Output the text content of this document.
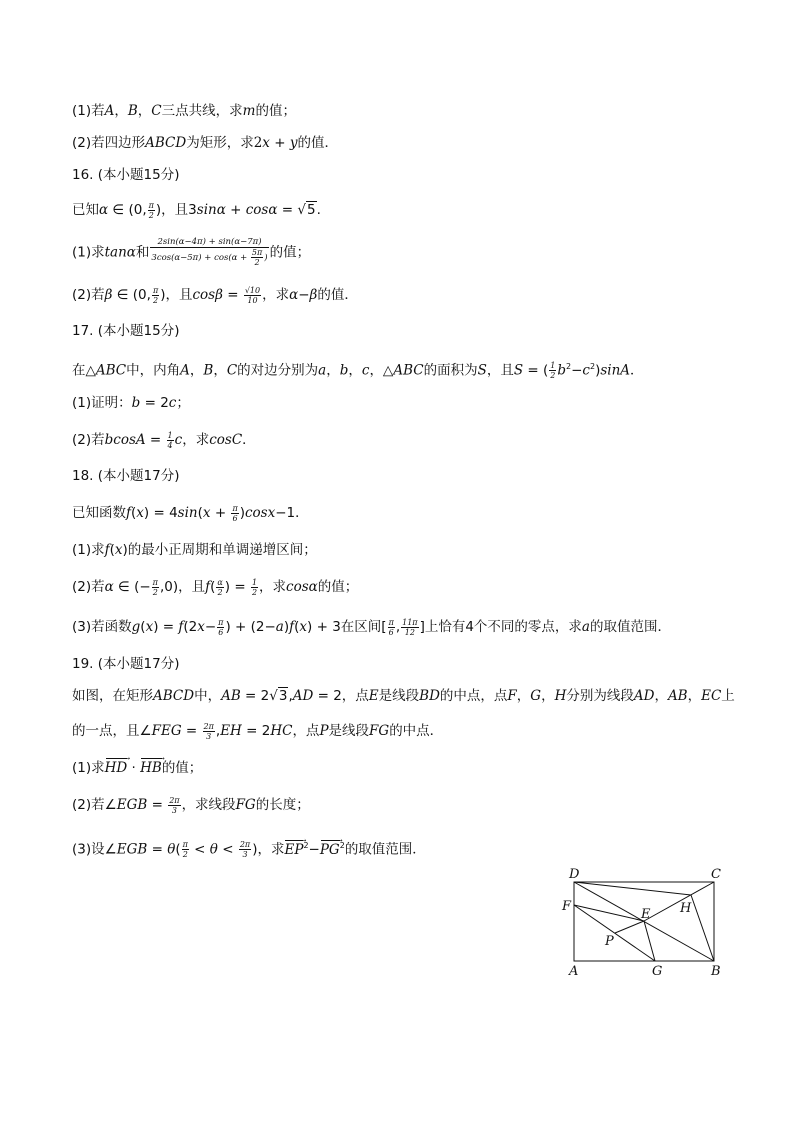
(1)若A，B，C三点共线，求m的值；
(2)若四边形ABCD为矩形，求2x + y的值．
16. (本小题15分)
已知α ∈ (0, $\frac{\pi}{2}$ )，且3sinα + cosα = √5.
(1)求tanα和 $\frac{2\sin(\alpha-4\pi) + \sin(\alpha-7\pi)}{3\cos(\alpha-5\pi) + \cos(\alpha + \frac{5\pi}{2} )}$ 的值；
(2)若β ∈ (0, $\frac{\pi}{2}$ )，且$\cos\beta = \frac{√10}{10}$ ，求α−β的值．
17. (本小题15分)
在△ABC中，内角A，B，C的对边分别为a，b，c，△ABC的面积为S，且S = ( $\frac{1}{2} b^2-c^2)\sin A$．
(1)证明：b = 2c；
(2)若$bcosA = \frac{1}{4}$ c，求cosC．
18. (本小题17分)
已知函数$f(x) = 4\sin(x + \frac{\pi}{6} )\cos x-1$．
(1)求f(x)的最小正周期和单调递增区间；
(2)若α ∈ (− $\frac{\pi}{2} ,0$)，且$f( \frac{\alpha}{2}$ ) = $\frac{1}{2}$ ，求cosα的值；
(3)若函数$g(x) = f(2x- \frac{\pi}{6}$ ) + (2−a)f(x) + 3在区间[ $\frac{\pi}{6}$ , $\frac{11\pi}{12}$ ]上恰有4个不同的零点，求a的取值范围．
19. (本小题17分)
如图，在矩形ABCD中，AB = 2√3,AD = 2，点E是线段BD的中点，点F，G，H分别为线段AD，AB，EC上
的一点，且∠FEG = $\frac{2\pi}{3} ,EH = 2HC$，点P是线段FG的中点．
(1)求HD → · HB →的值；
(2)若∠EGB = $\frac{2\pi}{3}$ ，求线段FG的长度；
(3)设∠EGB = $\theta( \frac{\pi}{2} < \theta < \frac{2\pi}{3}$ )，求EP →$^2$−PG →$^2$的取值范围．
D	C
F
E H
P
A	G	B
